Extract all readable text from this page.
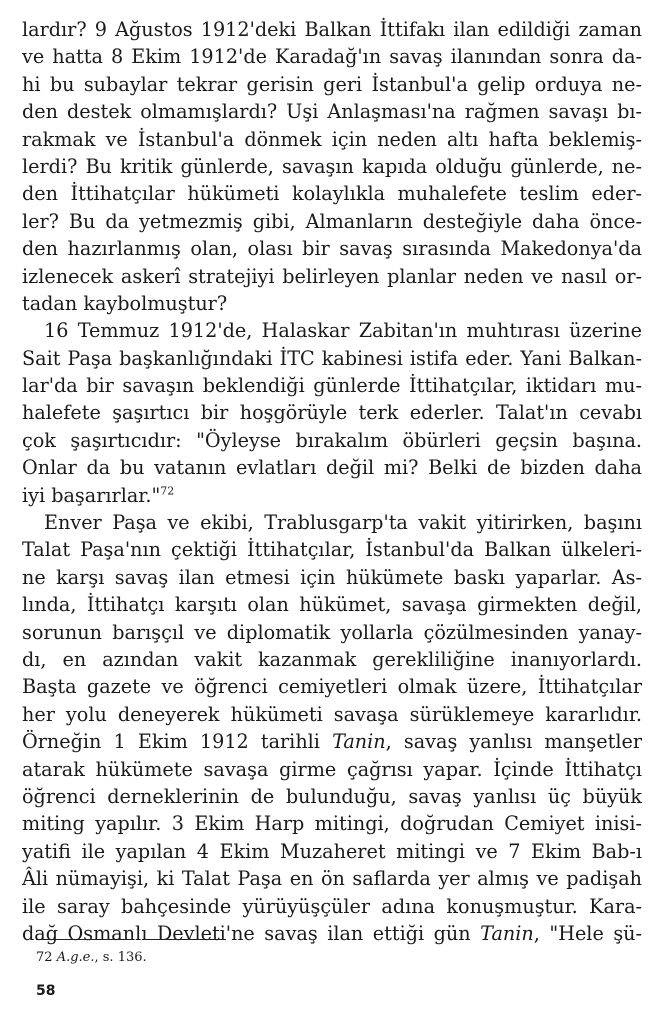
lardır? 9 Ağustos 1912'deki Balkan İttifakı ilan edildiği zaman
ve hatta 8 Ekim 1912'de Karadağ'ın savaş ilanından sonra da-
hi bu subaylar tekrar gerisin geri İstanbul'a gelip orduya ne-
den destek olmamışlardı? Uşi Anlaşması'na rağmen savaşı bı-
rakmak ve İstanbul'a dönmek için neden altı hafta beklemiş-
lerdi? Bu kritik günlerde, savaşın kapıda olduğu günlerde, ne-
den İttihatçılar hükümeti kolaylıkla muhalefete teslim eder-
ler? Bu da yetmezmiş gibi, Almanların desteğiyle daha önce-
den hazırlanmış olan, olası bir savaş sırasında Makedonya'da
izlenecek askerî stratejiyi belirleyen planlar neden ve nasıl or-
tadan kaybolmuştur?
16 Temmuz 1912'de, Halaskar Zabitan'ın muhtırası üzerine
Sait Paşa başkanlığındaki İTC kabinesi istifa eder. Yani Balkan-
lar'da bir savaşın beklendiği günlerde İttihatçılar, iktidarı mu-
halefete şaşırtıcı bir hoşgörüyle terk ederler. Talat'ın cevabı
çok şaşırtıcıdır: "Öyleyse bırakalım öbürleri geçsin başına.
Onlar da bu vatanın evlatları değil mi? Belki de bizden daha
iyi başarırlar."$^{72}$
Enver Paşa ve ekibi, Trablusgarp'ta vakit yitirirken, başını
Talat Paşa'nın çektiği İttihatçılar, İstanbul'da Balkan ülkeleri-
ne karşı savaş ilan etmesi için hükümete baskı yaparlar. As-
lında, İttihatçı karşıtı olan hükümet, savaşa girmekten değil,
sorunun barışçıl ve diplomatik yollarla çözülmesinden yanay-
dı, en azından vakit kazanmak gerekliliğine inanıyorlardı.
Başta gazete ve öğrenci cemiyetleri olmak üzere, İttihatçılar
her yolu deneyerek hükümeti savaşa sürüklemeye kararlıdır.
Örneğin 1 Ekim 1912 tarihli Tanin, savaş yanlısı manşetler
atarak hükümete savaşa girme çağrısı yapar. İçinde İttihatçı
öğrenci derneklerinin de bulunduğu, savaş yanlısı üç büyük
miting yapılır. 3 Ekim Harp mitingi, doğrudan Cemiyet inisi-
yatifi ile yapılan 4 Ekim Muzaheret mitingi ve 7 Ekim Bab-ı
Âli nümayişi, ki Talat Paşa en ön saflarda yer almış ve padişah
ile saray bahçesinde yürüyüşçüler adına konuşmuştur. Kara-
dağ Osmanlı Devleti'ne savaş ilan ettiği gün Tanin, "Hele şü-
72 A.g.e., s. 136.
58
